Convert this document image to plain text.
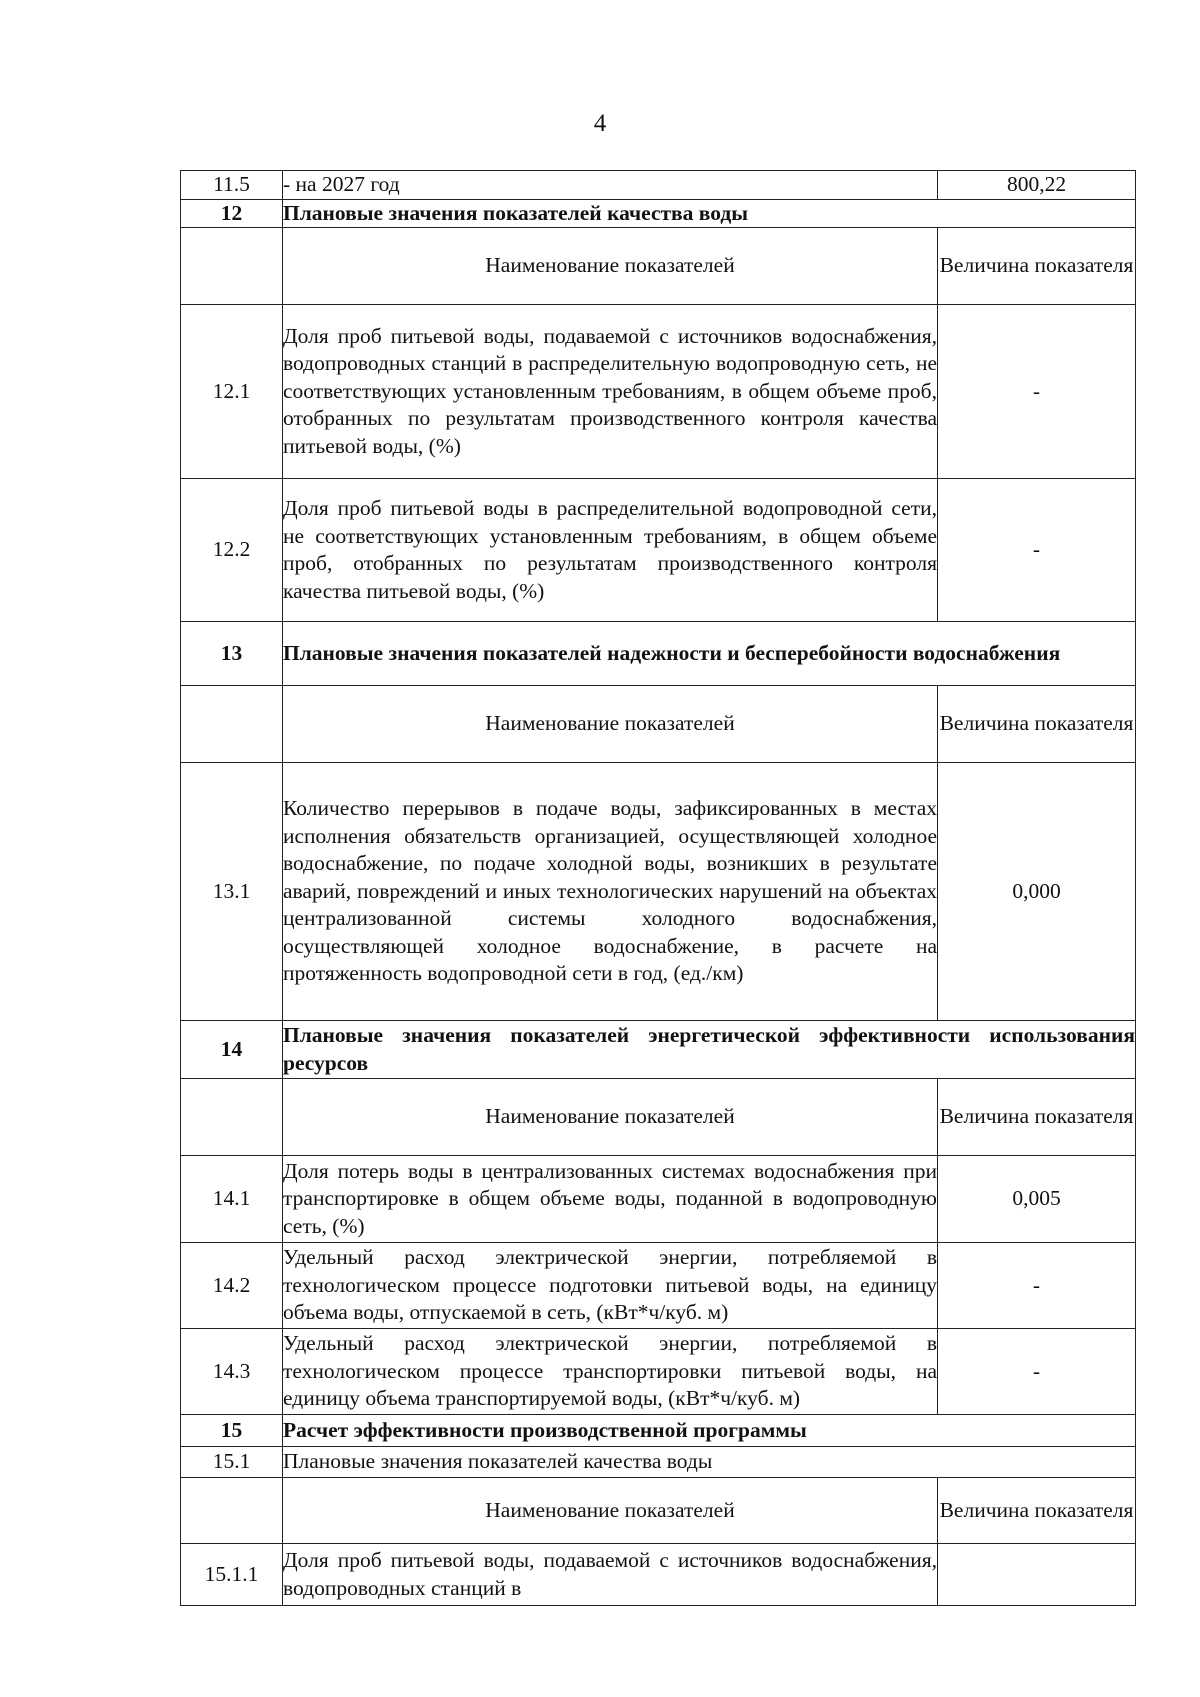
4
11.5	- на 2027 год	800,22
12	Плановые значения показателей качества воды	
	Наименование показателей	Величина показателя
12.1	Доля проб питьевой воды, подаваемой с источников водоснабжения, водопроводных станций в распределительную водопроводную сеть, не соответствующих установленным требованиям, в общем объеме проб, отобранных по результатам производственного контроля качества питьевой воды, (%)	-
12.2	Доля проб питьевой воды в распределительной водопроводной сети, не соответствующих установленным требованиям, в общем объеме проб, отобранных по результатам производственного контроля качества питьевой воды, (%)	-
13	Плановые значения показателей надежности и бесперебойности водоснабжения	
	Наименование показателей	Величина показателя
13.1	Количество перерывов в подаче воды, зафиксированных в местах исполнения обязательств организацией, осуществляющей холодное водоснабжение, по подаче холодной воды, возникших в результате аварий, повреждений и иных технологических нарушений на объектах централизованной системы холодного водоснабжения, осуществляющей холодное водоснабжение, в расчете на протяженность водопроводной сети в год, (ед./км)	0,000
14	Плановые значения показателей энергетической эффективности использования ресурсов	
	Наименование показателей	Величина показателя
14.1	Доля потерь воды в централизованных системах водоснабжения при транспортировке в общем объеме воды, поданной в водопроводную сеть, (%)	0,005
14.2	Удельный расход электрической энергии, потребляемой в технологическом процессе подготовки питьевой воды, на единицу объема воды, отпускаемой в сеть, (кВт*ч/куб. м)	-
14.3	Удельный расход электрической энергии, потребляемой в технологическом процессе транспортировки питьевой воды, на единицу объема транспортируемой воды, (кВт*ч/куб. м)	-
15	Расчет эффективности производственной программы	
15.1	Плановые значения показателей качества воды	
	Наименование показателей	Величина показателя
15.1.1	Доля проб питьевой воды, подаваемой с источников водоснабжения, водопроводных станций в	
